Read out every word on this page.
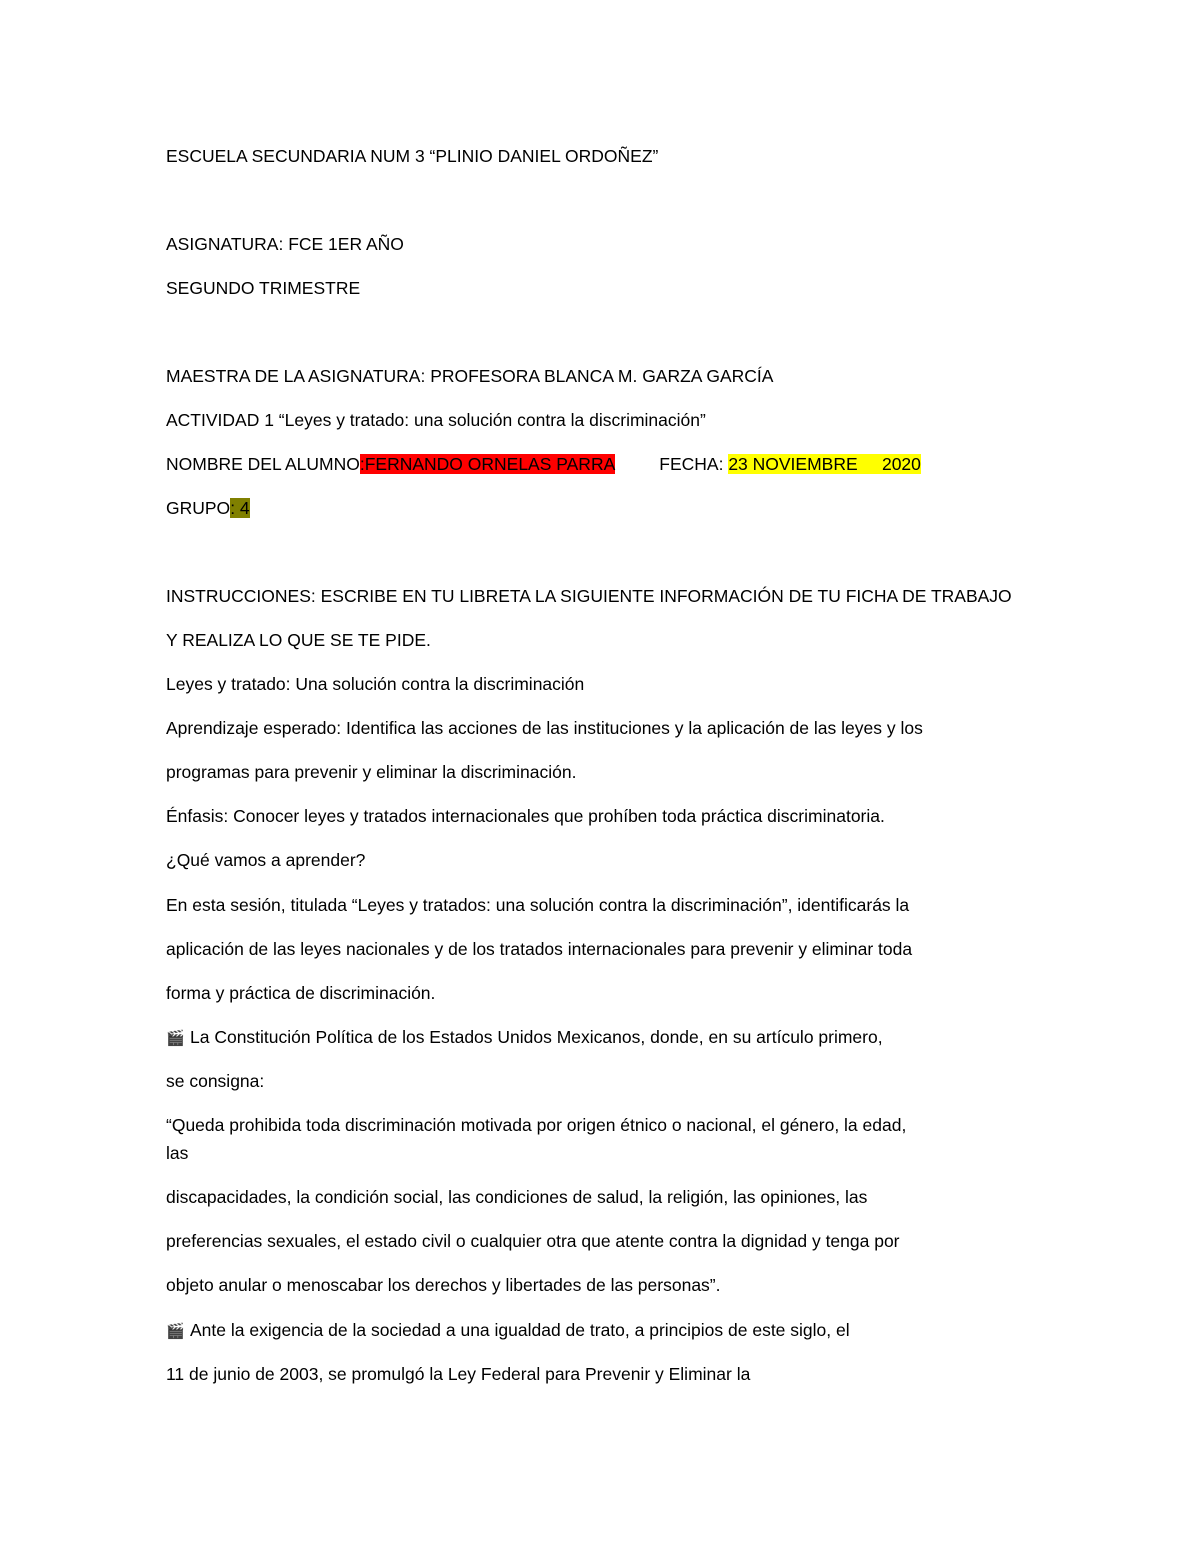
ESCUELA SECUNDARIA NUM 3 “PLINIO DANIEL ORDOÑEZ”

ASIGNATURA: FCE 1ER AÑO

SEGUNDO TRIMESTRE

MAESTRA DE LA ASIGNATURA: PROFESORA BLANCA M. GARZA GARCÍA

ACTIVIDAD 1 “Leyes y tratado: una solución contra la discriminación”

NOMBRE DEL ALUMNO:FERNANDO ORNELAS PARRA	FECHA: 23 NOVIEMBRE     2020

GRUPO: 4

INSTRUCCIONES: ESCRIBE EN TU LIBRETA LA SIGUIENTE INFORMACIÓN DE TU FICHA DE TRABAJO

Y REALIZA LO QUE SE TE PIDE.

Leyes y tratado: Una solución contra la discriminación

Aprendizaje esperado: Identifica las acciones de las instituciones y la aplicación de las leyes y los

programas para prevenir y eliminar la discriminación.

Énfasis: Conocer leyes y tratados internacionales que prohíben toda práctica discriminatoria.

¿Qué vamos a aprender?

En esta sesión, titulada “Leyes y tratados: una solución contra la discriminación”, identificarás la

aplicación de las leyes nacionales y de los tratados internacionales para prevenir y eliminar toda

forma y práctica de discriminación.

🎬 La Constitución Política de los Estados Unidos Mexicanos, donde, en su artículo primero,

se consigna:

“Queda prohibida toda discriminación motivada por origen étnico o nacional, el género, la edad,

las

discapacidades, la condición social, las condiciones de salud, la religión, las opiniones, las

preferencias sexuales, el estado civil o cualquier otra que atente contra la dignidad y tenga por

objeto anular o menoscabar los derechos y libertades de las personas”.

🎬 Ante la exigencia de la sociedad a una igualdad de trato, a principios de este siglo, el

11 de junio de 2003, se promulgó la Ley Federal para Prevenir y Eliminar la
